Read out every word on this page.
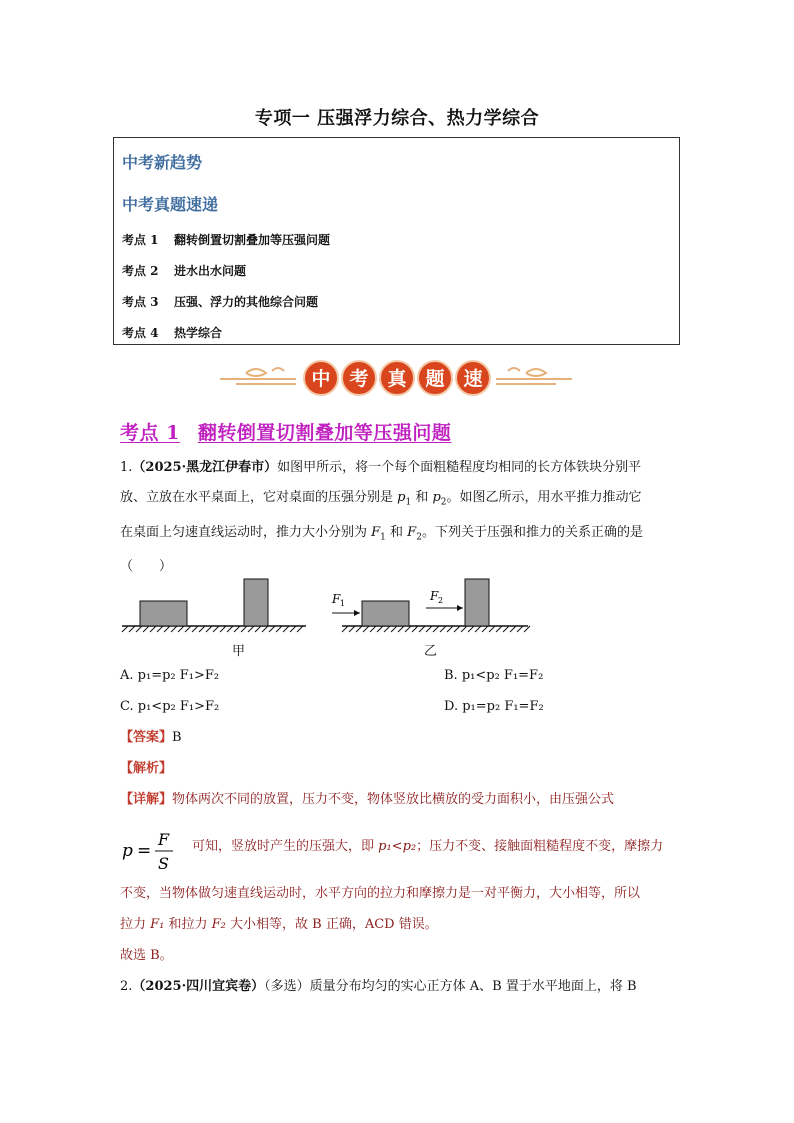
专项一 压强浮力综合、热力学综合
中考新趋势
中考真题速递
考点 1 翻转倒置切割叠加等压强问题
考点 2 进水出水问题
考点 3 压强、浮力的其他综合问题
考点 4 热学综合
中 考 真 题 速
考点 1 翻转倒置切割叠加等压强问题
1.（2025·黑龙江伊春市）如图甲所示，将一个每个面粗糙程度均相同的长方体铁块分别平
放、立放在水平桌面上，它对桌面的压强分别是 $p_1$ 和 $p_2$。如图乙所示，用水平推力推动它
在桌面上匀速直线运动时，推力大小分别为 $F_1$ 和 $F_2$。下列关于压强和推力的关系正确的是
（　　）
F 1
F 2
甲	乙
A. p₁=p₂ F₁>F₂	B. p₁<p₂ F₁=F₂
C. p₁<p₂ F₁>F₂	D. p₁=p₂ F₁=F₂
【答案】B
【解析】
【详解】物体两次不同的放置，压力不变，物体竖放比横放的受力面积小，由压强公式
p =
F
S
可知，竖放时产生的压强大，即 p₁<p₂；压力不变、接触面粗糙程度不变，摩擦力
不变，当物体做匀速直线运动时，水平方向的拉力和摩擦力是一对平衡力，大小相等，所以
拉力 F₁ 和拉力 F₂ 大小相等，故 B 正确，ACD 错误。
故选 B。
2.（2025·四川宜宾卷）（多选）质量分布均匀的实心正方体 A、B 置于水平地面上，将 B
